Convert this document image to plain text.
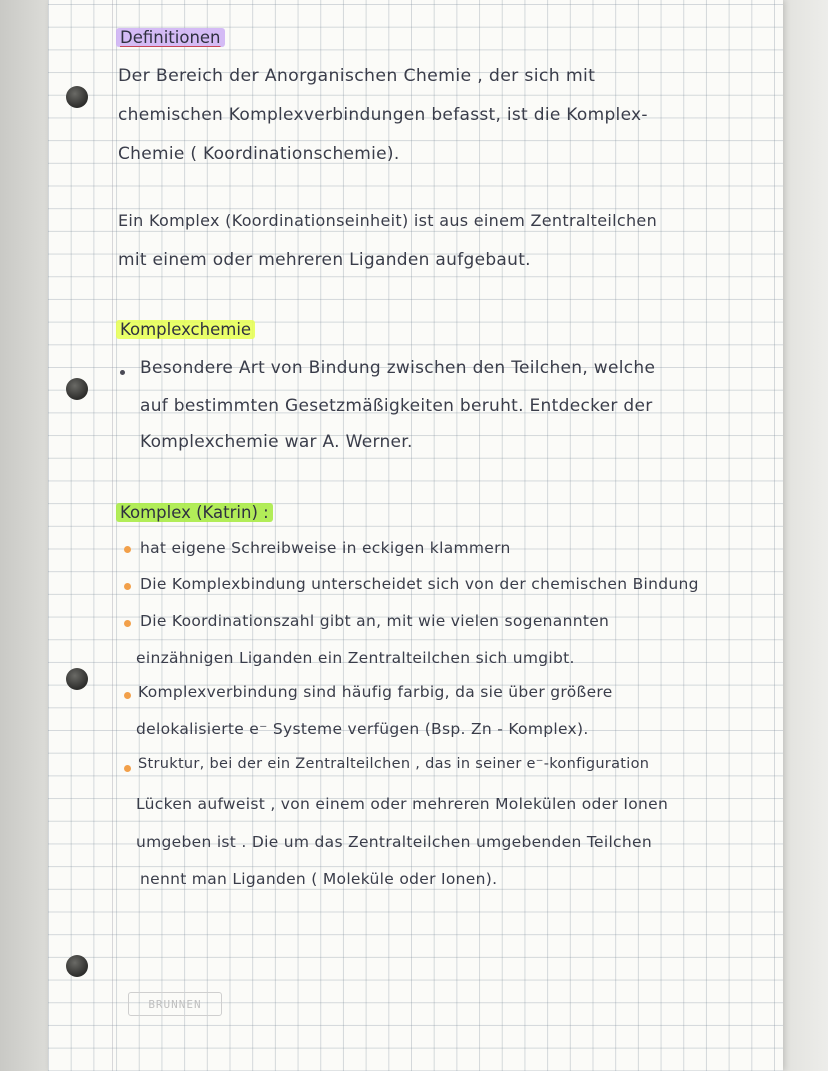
Definitionen
Der Bereich der Anorganischen Chemie , der sich mit
chemischen Komplexverbindungen befasst, ist die Komplex-
Chemie ( Koordinationschemie).
Ein Komplex (Koordinationseinheit) ist aus einem Zentralteilchen
mit einem oder mehreren Liganden aufgebaut.
Komplexchemie
Besondere Art von Bindung zwischen den Teilchen, welche
auf bestimmten Gesetzmäßigkeiten beruht. Entdecker der
Komplexchemie war A. Werner.
Komplex (Katrin) :
hat eigene Schreibweise in eckigen klammern
Die Komplexbindung unterscheidet sich von der chemischen Bindung
Die Koordinationszahl gibt an, mit wie vielen sogenannten
einzähnigen Liganden ein Zentralteilchen sich umgibt.
Komplexverbindung sind häufig farbig, da sie über größere
delokalisierte e⁻ Systeme verfügen (Bsp. Zn - Komplex).
Struktur, bei der ein Zentralteilchen , das in seiner e⁻-konfiguration
Lücken aufweist , von einem oder mehreren Molekülen oder Ionen
umgeben ist . Die um das Zentralteilchen umgebenden Teilchen
nennt man Liganden ( Moleküle oder Ionen).
BRUNNEN
